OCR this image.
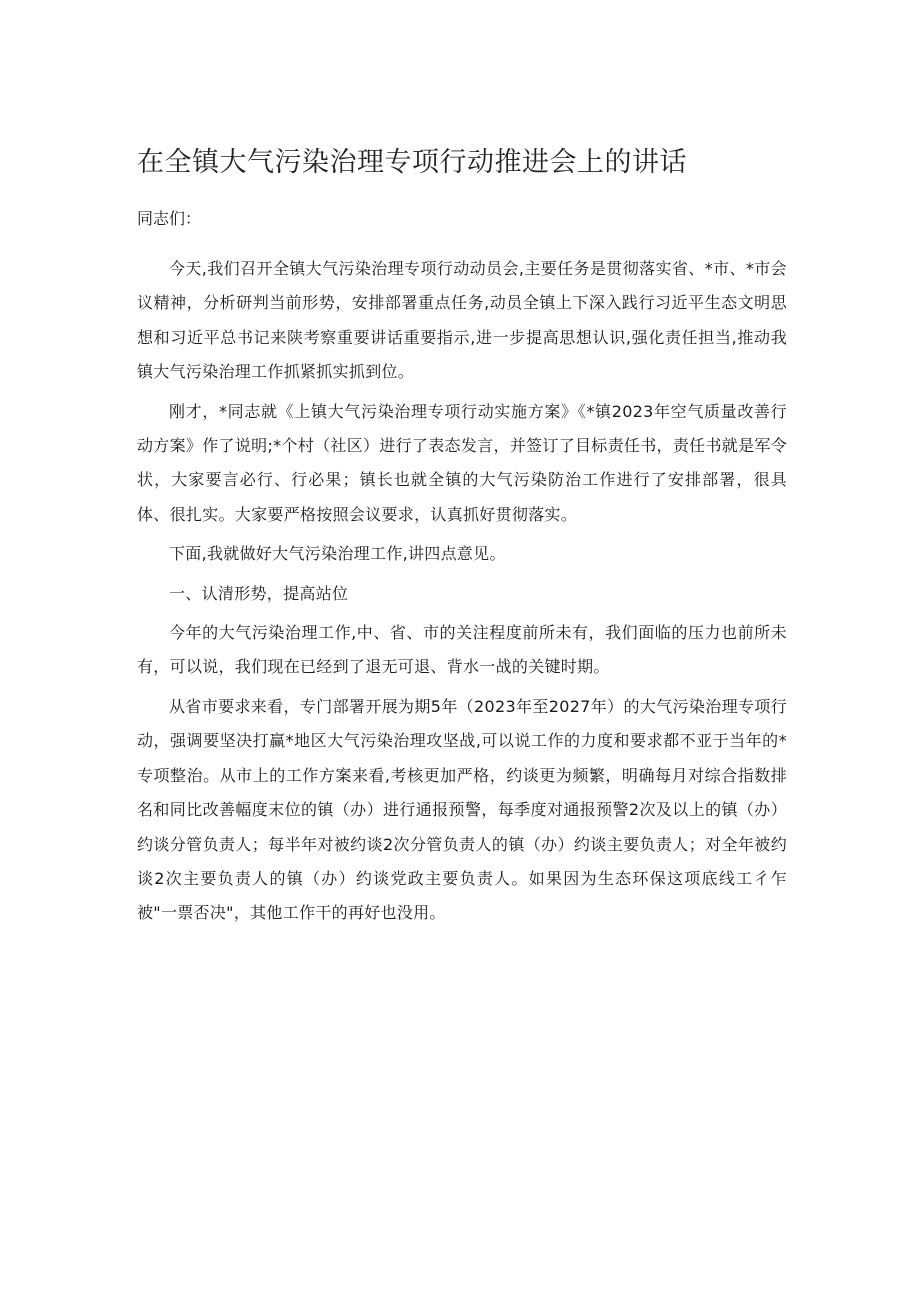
在全镇大气污染治理专项行动推进会上的讲话

同志们：

今天,我们召开全镇大气污染治理专项行动动员会,主要任务是贯彻落实省、*市、*市会议精神，分析研判当前形势，安排部署重点任务,动员全镇上下深入践行习近平生态文明思想和习近平总书记来陕考察重要讲话重要指示,进一步提高思想认识,强化责任担当,推动我镇大气污染治理工作抓紧抓实抓到位。

刚才，*同志就《上镇大气污染治理专项行动实施方案》《*镇2023年空气质量改善行动方案》作了说明;*个村（社区）进行了表态发言，并签订了目标责任书，责任书就是军令状，大家要言必行、行必果；镇长也就全镇的大气污染防治工作进行了安排部署，很具体、很扎实。大家要严格按照会议要求，认真抓好贯彻落实。

下面,我就做好大气污染治理工作,讲四点意见。

一、认清形势，提高站位

今年的大气污染治理工作,中、省、市的关注程度前所未有，我们面临的压力也前所未有，可以说，我们现在已经到了退无可退、背水一战的关键时期。

从省市要求来看，专门部署开展为期5年（2023年至2027年）的大气污染治理专项行动，强调要坚决打赢*地区大气污染治理攻坚战,可以说工作的力度和要求都不亚于当年的*专项整治。从市上的工作方案来看,考核更加严格，约谈更为频繁，明确每月对综合指数排名和同比改善幅度末位的镇（办）进行通报预警，每季度对通报预警2次及以上的镇（办）约谈分管负责人；每半年对被约谈2次分管负责人的镇（办）约谈主要负责人；对全年被约谈2次主要负责人的镇（办）约谈党政主要负责人。如果因为生态环保这项底线工彳乍被"一票否决"，其他工作干的再好也没用。
